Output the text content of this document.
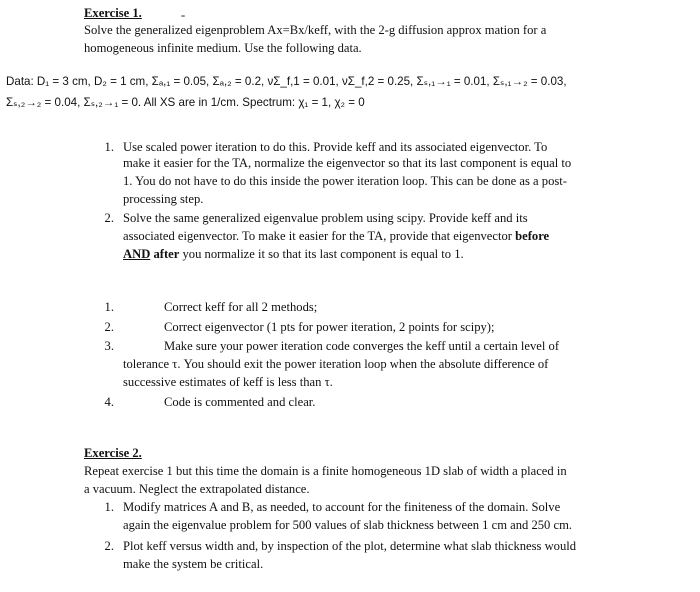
Exercise 1.	-
Solve the generalized eigenproblem Ax=Bx/keff, with the 2-g diffusion approx mation for a
homogeneous infinite medium. Use the following data.
Data: D₁ = 3 cm, D₂ = 1 cm, Σₐ,₁ = 0.05, Σₐ,₂ = 0.2, νΣ_f,1 = 0.01, νΣ_f,2 = 0.25, Σₛ,₁→₁ = 0.01, Σₛ,₁→₂ = 0.03,
Σₛ,₂→₂ = 0.04, Σₛ,₂→₁ = 0. All XS are in 1/cm. Spectrum: χ₁ = 1, χ₂ = 0
1. Use scaled power iteration to do this. Provide keff and its associated eigenvector. To
make it easier for the TA, normalize the eigenvector so that its last component is equal to
1. You do not have to do this inside the power iteration loop. This can be done as a post-
processing step.
2. Solve the same generalized eigenvalue problem using scipy. Provide keff and its
associated eigenvector. To make it easier for the TA, provide that eigenvector before
AND after you normalize it so that its last component is equal to 1.
1.	Correct keff for all 2 methods;
2.	Correct eigenvector (1 pts for power iteration, 2 points for scipy);
3.	Make sure your power iteration code converges the keff until a certain level of
tolerance τ. You should exit the power iteration loop when the absolute difference of
successive estimates of keff is less than τ.
4.	Code is commented and clear.
Exercise 2.
Repeat exercise 1 but this time the domain is a finite homogeneous 1D slab of width a placed in
a vacuum. Neglect the extrapolated distance.
1. Modify matrices A and B, as needed, to account for the finiteness of the domain. Solve
again the eigenvalue problem for 500 values of slab thickness between 1 cm and 250 cm.
2. Plot keff versus width and, by inspection of the plot, determine what slab thickness would
make the system be critical.
